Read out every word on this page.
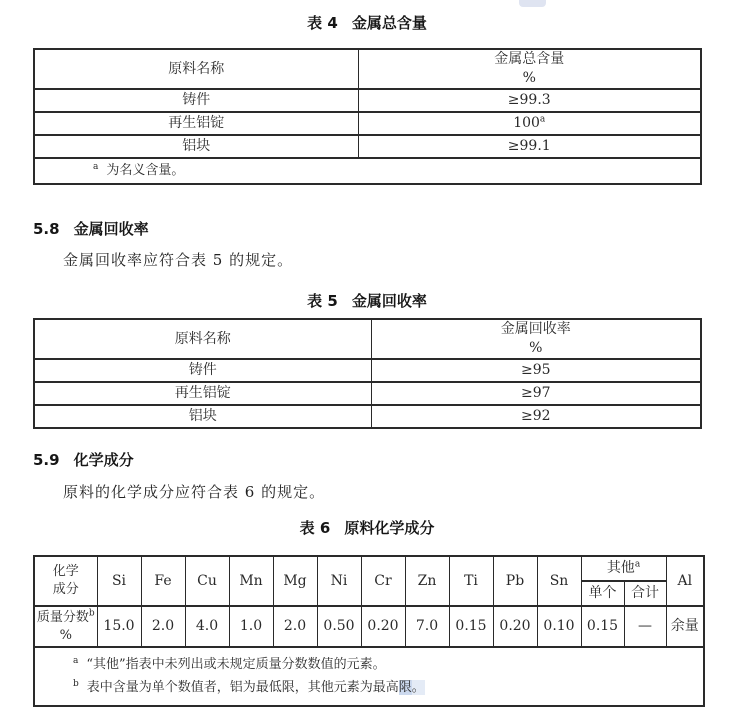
表 4 金属总含量
原料名称	金属总含量
%

铸件	≥99.3
再生铝锭	100$^a$
铝块	≥99.1
$^a$ 为名义含量。	
5.8 金属回收率
金属回收率应符合表 5 的规定。
表 5 金属回收率
原料名称	金属回收率
%

铸件	≥95
再生铝锭	≥97
铝块	≥92
5.9 化学成分
原料的化学成分应符合表 6 的规定。
表 6 原料化学成分
化学
成分	Si	Fe	Cu	Mn	Mg	Ni	Cr	Zn	Ti	Pb	Sn	其他$^a$		Al
												单个	合计	

质量分数$^b$
%	15.0	2.0	4.0	1.0	2.0	0.50	0.20	7.0	0.15	0.20	0.10	0.15	—	余量

$^a$ “其他”指表中未列出或未规定质量分数数值的元素。
$^b$ 表中含量为单个数值者，铝为最低限，其他元素为最高限。														
